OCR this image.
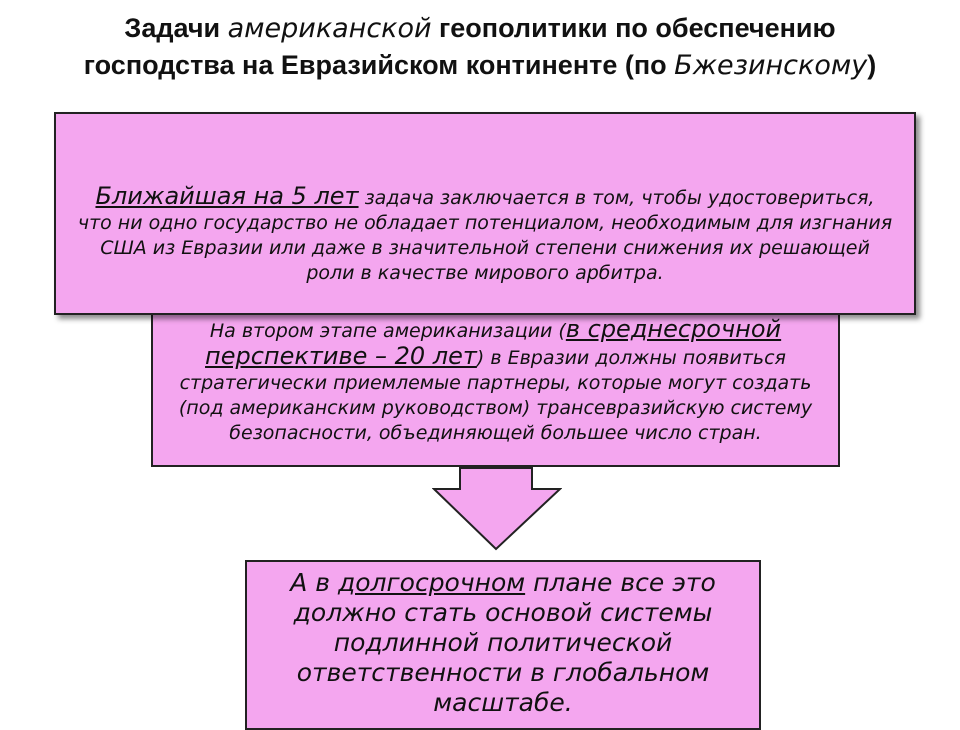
Задачи американской геополитики по обеспечению
господства на Евразийском континенте (по Бжезинскому)
На втором этапе американизации (в среднесрочной перспективе – 20 лет) в Евразии должны появиться стратегически приемлемые партнеры, которые могут создать (под американским руководством) трансевразийскую систему безопасности, объединяющей большее число стран.
Ближайшая на 5 лет задача заключается в том, чтобы удостовериться, что ни одно государство не обладает потенциалом, необходимым для изгнания США из Евразии или даже в значительной степени снижения их решающей роли в качестве мирового арбитра.
А в долгосрочном плане все это должно стать основой системы подлинной политической ответственности в глобальном масштабе.
